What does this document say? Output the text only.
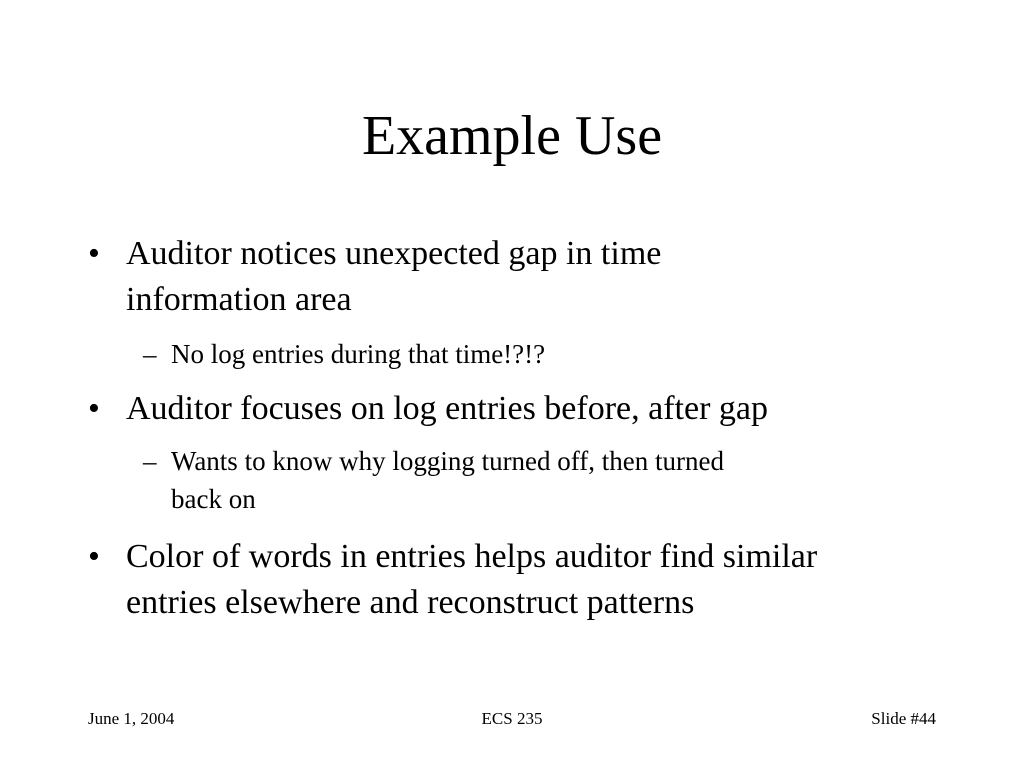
Example Use
• Auditor notices unexpected gap in time
information area
– No log entries during that time!?!?
• Auditor focuses on log entries before, after gap
– Wants to know why logging turned off, then turned
back on
• Color of words in entries helps auditor find similar
entries elsewhere and reconstruct patterns
June 1, 2004	ECS 235	Slide #44
